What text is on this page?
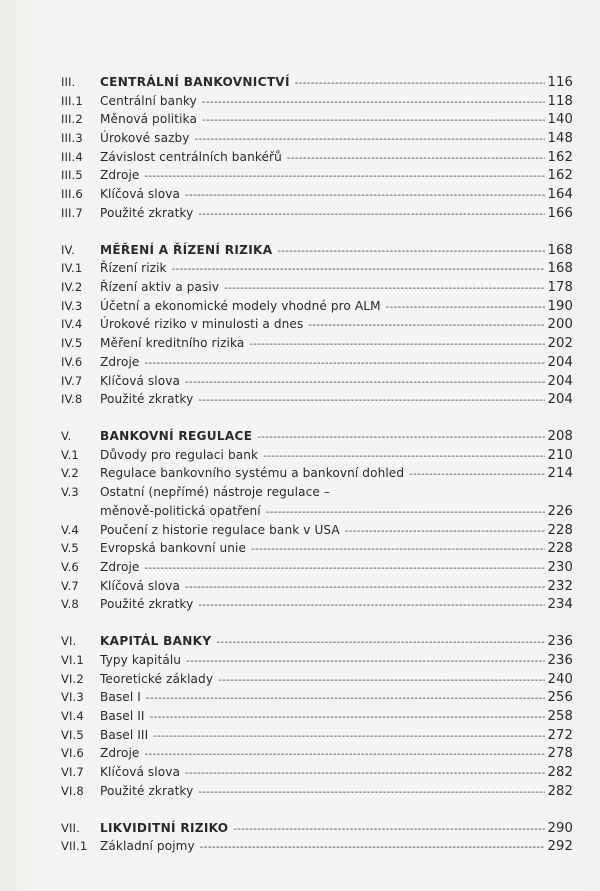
III.	CENTRÁLNÍ BANKOVNICTVÍ -----	116
III.1	Centrální banky -----	118
III.2	Měnová politika -----	140
III.3	Úrokové sazby -----	148
III.4	Závislost centrálních bankéřů -----	162
III.5	Zdroje -----	162
III.6	Klíčová slova -----	164
III.7	Použité zkratky -----	166
IV.	MĚŘENÍ A ŘÍZENÍ RIZIKA -----	168
IV.1	Řízení rizik -----	168
IV.2	Řízení aktiv a pasiv -----	178
IV.3	Účetní a ekonomické modely vhodné pro ALM -----	190
IV.4	Úrokové riziko v minulosti a dnes -----	200
IV.5	Měření kreditního rizika -----	202
IV.6	Zdroje -----	204
IV.7	Klíčová slova -----	204
IV.8	Použité zkratky -----	204
V.	BANKOVNÍ REGULACE -----	208
V.1	Důvody pro regulaci bank -----	210
V.2	Regulace bankovního systému a bankovní dohled -----	214
V.3	Ostatní (nepřímé) nástroje regulace –
měnově-politická opatření -----	226
V.4	Poučení z historie regulace bank v USA -----	228
V.5	Evropská bankovní unie -----	228
V.6	Zdroje -----	230
V.7	Klíčová slova -----	232
V.8	Použité zkratky -----	234
VI.	KAPITÁL BANKY -----	236
VI.1	Typy kapitálu -----	236
VI.2	Teoretické základy -----	240
VI.3	Basel I -----	256
VI.4	Basel II -----	258
VI.5	Basel III -----	272
VI.6	Zdroje -----	278
VI.7	Klíčová slova -----	282
VI.8	Použité zkratky -----	282
VII.	LIKVIDITNÍ RIZIKO -----	290
VII.1	Základní pojmy -----	292
